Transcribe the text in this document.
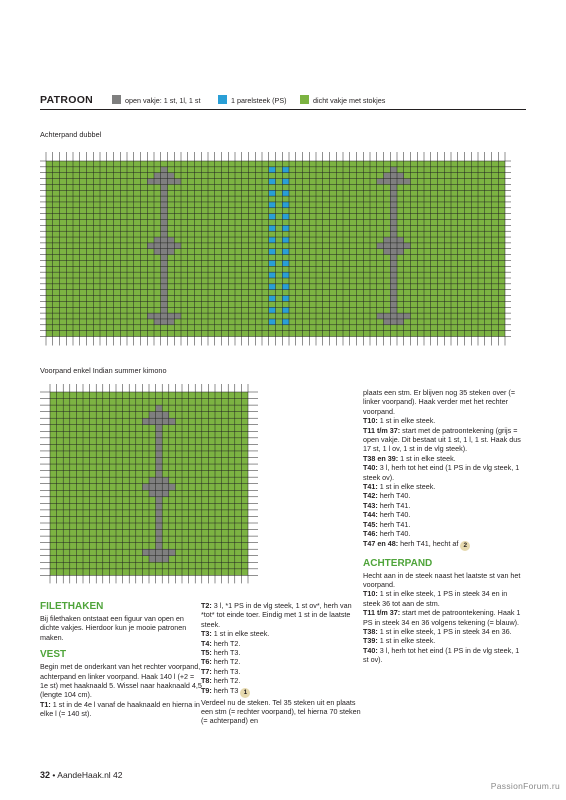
PATROON	open vakje: 1 st, 1l, 1 st	1 parelsteek (PS)	dicht vakje met stokjes
Achterpand dubbel
Voorpand enkel Indian summer kimono
FILETHAKEN

Bij filethaken ontstaat een figuur van open en dichte vakjes. Hierdoor kun je mooie patronen maken.

VEST

Begin met de onderkant van het rechter voorpand, achterpand en linker voorpand. Haak 140 l (+2 = 1e st) met haaknaald 5. Wissel naar haaknaald 4,5 (lengte 104 cm).

T1: 1 st in de 4e l vanaf de haaknaald en hierna in elke l (= 140 st).

T2: 3 l, *1 PS in de vlg steek, 1 st ov*, herh van *tot* tot einde toer. Eindig met 1 st in de laatste steek.

T3: 1 st in elke steek.

T4: herh T2.

T5: herh T3.

T6: herh T2.

T7: herh T3.

T8: herh T2.

T9: herh T3 1

Verdeel nu de steken. Tel 35 steken uit en plaats een stm (= rechter voorpand), tel hierna 70 steken (= achterpand) en

plaats een stm. Er blijven nog 35 steken over (= linker voorpand). Haak verder met het rechter voorpand.

T10: 1 st in elke steek.

T11 t/m 37: start met de patroontekening (grijs = open vakje. Dit bestaat uit 1 st, 1 l, 1 st. Haak dus 17 st, 1 l ov, 1 st in de vlg steek).

T38 en 39: 1 st in elke steek.

T40: 3 l, herh tot het eind (1 PS in de vlg steek, 1 steek ov).

T41: 1 st in elke steek.

T42: herh T40.

T43: herh T41.

T44: herh T40.

T45: herh T41.

T46: herh T40.

T47 en 48: herh T41, hecht af 2

ACHTERPAND

Hecht aan in de steek naast het laatste st van het voorpand.

T10: 1 st in elke steek, 1 PS in steek 34 en in steek 36 tot aan de stm.

T11 t/m 37: start met de patroontekening. Haak 1 PS in steek 34 en 36 volgens tekening (= blauw).

T38: 1 st in elke steek, 1 PS in steek 34 en 36.

T39: 1 st in elke steek.

T40: 3 l, herh tot het eind (1 PS in de vlg steek, 1 st ov).

32 • AandeHaak.nl 42
PassionForum.ru
